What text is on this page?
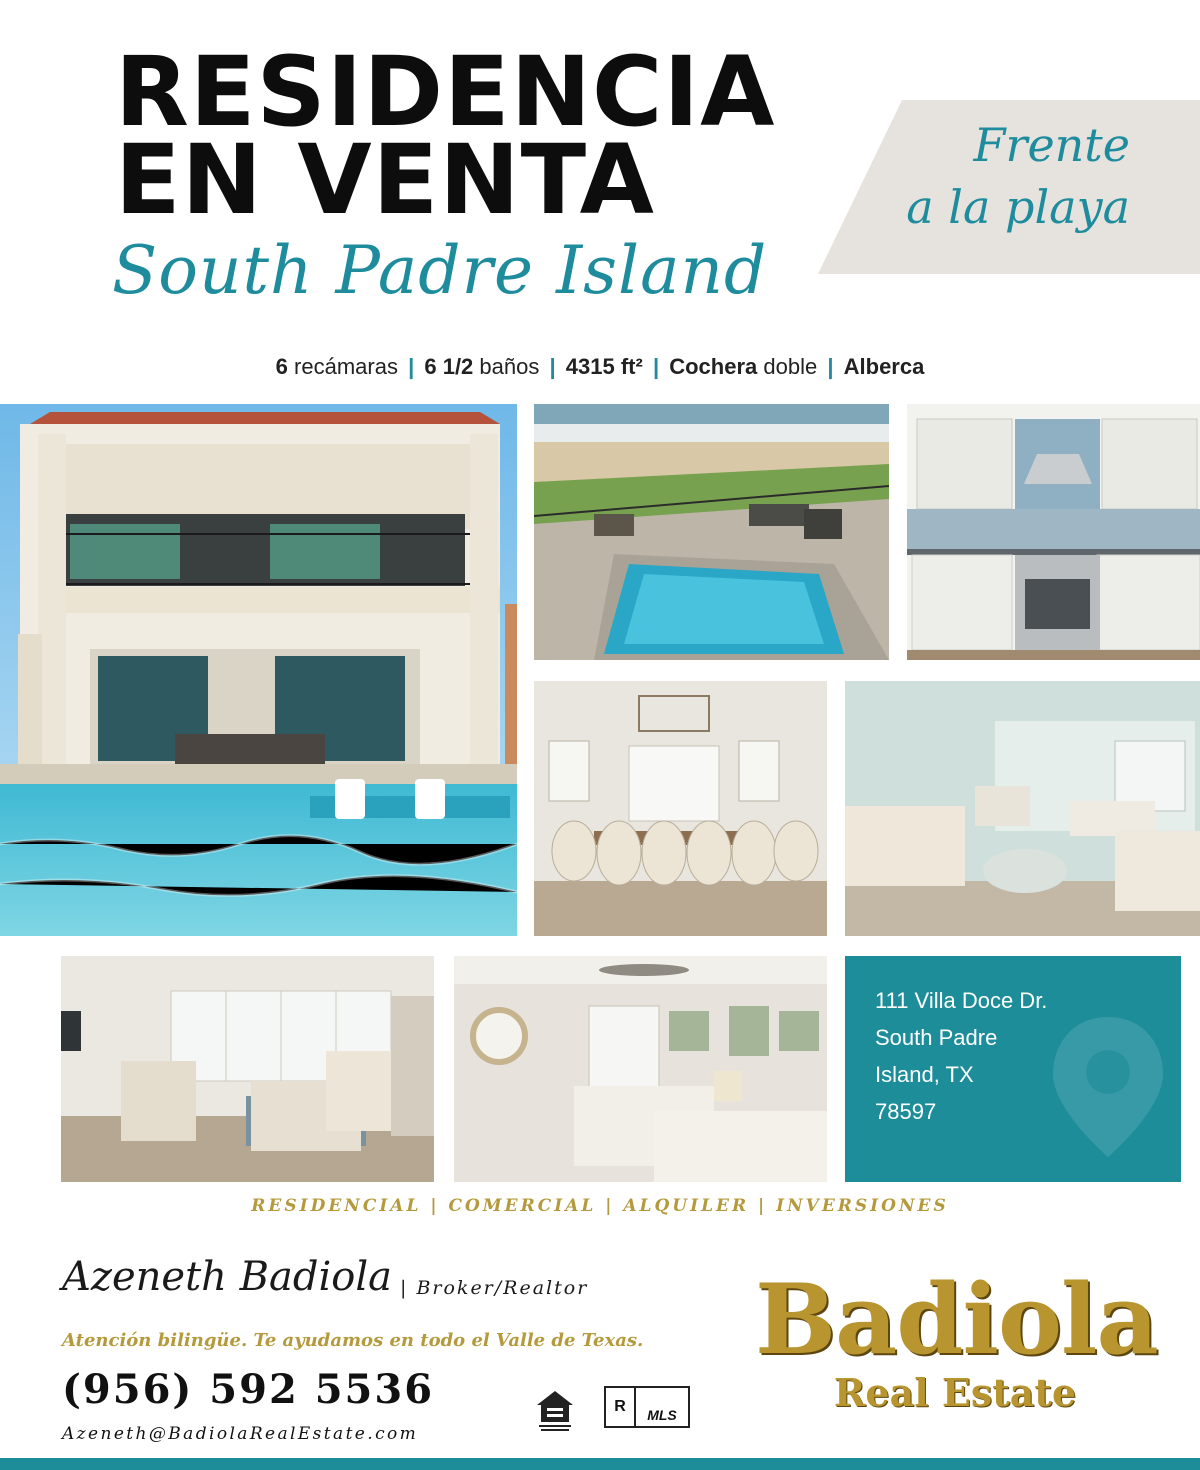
RESIDENCIA
EN VENTA
South Padre Island
Frente
a la playa
6 recámaras | 6 1/2 baños | 4315 ft² | Cochera doble | Alberca
111 Villa Doce Dr.
South Padre
Island, TX
78597
RESIDENCIAL | COMERCIAL | ALQUILER | INVERSIONES
Azeneth Badiola | Broker/Realtor
Atención bilingüe. Te ayudamos en todo el Valle de Texas.
(956) 592 5536
Azeneth@BadiolaRealEstate.com
R	MLS
Badiola
Real Estate
